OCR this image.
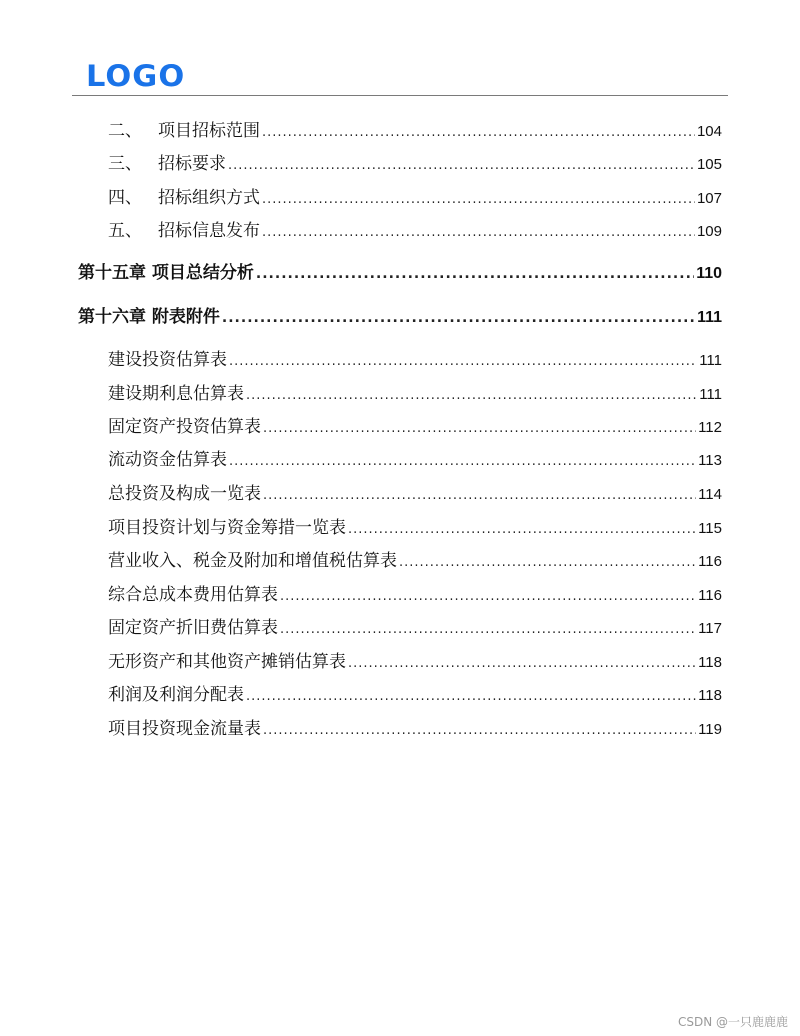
LOGO
二、 项目招标范围 .....	104
三、 招标要求 .....	105
四、 招标组织方式 .....	107
五、 招标信息发布 .....	109
第十五章 项目总结分析 .....	110
第十六章 附表附件 .....	111
建设投资估算表 .....	111
建设期利息估算表 .....	111
固定资产投资估算表 .....	112
流动资金估算表 .....	113
总投资及构成一览表 .....	114
项目投资计划与资金筹措一览表 .....	115
营业收入、税金及附加和增值税估算表 .....	116
综合总成本费用估算表 .....	116
固定资产折旧费估算表 .....	117
无形资产和其他资产摊销估算表 .....	118
利润及利润分配表 .....	118
项目投资现金流量表 .....	119
CSDN @一只鹿鹿鹿
